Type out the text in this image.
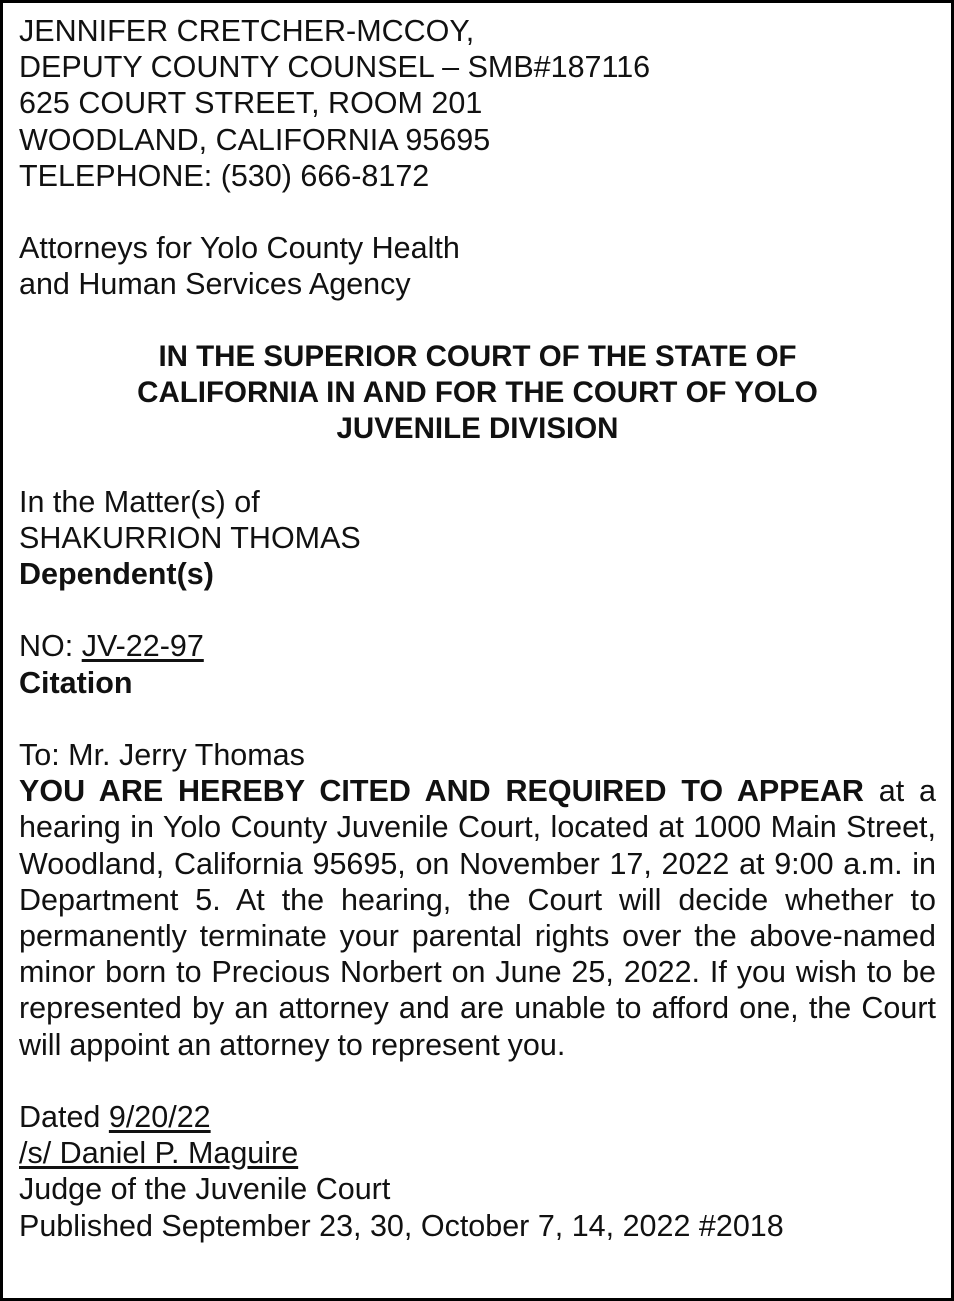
JENNIFER CRETCHER-MCCOY,
DEPUTY COUNTY COUNSEL – SMB#187116
625 COURT STREET, ROOM 201
WOODLAND, CALIFORNIA 95695
TELEPHONE: (530) 666-8172
Attorneys for Yolo County Health
and Human Services Agency
IN THE SUPERIOR COURT OF THE STATE OF
CALIFORNIA IN AND FOR THE COURT OF YOLO
JUVENILE DIVISION
In the Matter(s) of
SHAKURRION THOMAS
Dependent(s)
NO: JV-22-97
Citation
To: Mr. Jerry Thomas
YOU ARE HEREBY CITED AND REQUIRED TO APPEAR at a hearing in Yolo County Juvenile Court, located at 1000 Main Street, Woodland, California 95695, on November 17, 2022 at 9:00 a.m. in Department 5. At the hearing, the Court will decide whether to permanently terminate your parental rights over the above-named minor born to Precious Norbert on June 25, 2022. If you wish to be represented by an attorney and are unable to afford one, the Court will appoint an attorney to represent you.
Dated 9/20/22
/s/ Daniel P. Maguire
Judge of the Juvenile Court
Published September 23, 30, October 7, 14, 2022 #2018
